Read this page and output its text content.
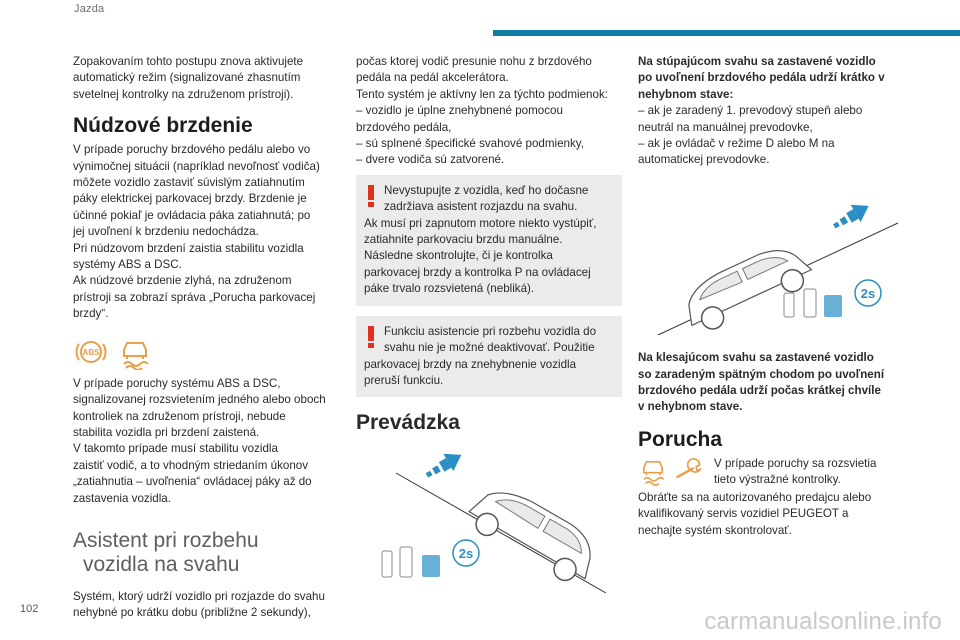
Jazda

Zopakovaním tohto postupu znova aktivujete
automatický režim (signalizované zhasnutím
svetelnej kontrolky na združenom prístroji).

Núdzové brzdenie

V prípade poruchy brzdového pedálu alebo vo
výnimočnej situácii (napríklad nevoľnosť vodiča)
môžete vozidlo zastaviť súvislým zatiahnutím
páky elektrickej parkovacej brzdy. Brzdenie je
účinné pokiaľ je ovládacia páka zatiahnutá; po
jej uvoľnení k brzdeniu nedochádza.
Pri núdzovom brzdení zaistia stabilitu vozidla
systémy ABS a DSC.
Ak núdzové brzdenie zlyhá, na združenom
prístroji sa zobrazí správa „Porucha parkovacej
brzdy“.

ABS

V prípade poruchy systému ABS a DSC,
signalizovanej rozsvietením jedného alebo oboch
kontroliek na združenom prístroji, nebude
stabilita vozidla pri brzdení zaistená.
V takomto prípade musí stabilitu vozidla
zaistiť vodič, a to vhodným striedaním úkonov
„zatiahnutia – uvoľnenia“ ovládacej páky až do
zastavenia vozidla.

Asistent pri rozbehu
vozidla na svahu

Systém, ktorý udrží vozidlo pri rozjazde do svahu
nehybné po krátku dobu (približne 2 sekundy),

počas ktorej vodič presunie nohu z brzdového
pedála na pedál akcelerátora.
Tento systém je aktívny len za týchto podmienok:
– vozidlo je úplne znehybnené pomocou
brzdového pedála,
– sú splnené špecifické svahové podmienky,
– dvere vodiča sú zatvorené.

Nevystupujte z vozidla, keď ho dočasne
zadržiava asistent rozjazdu na svahu.
Ak musí pri zapnutom motore niekto vystúpiť,
zatiahnite parkovaciu brzdu manuálne.
Následne skontrolujte, či je kontrolka
parkovacej brzdy a kontrolka P na ovládacej
páke trvalo rozsvietená (nebliká).
Funkciu asistencie pri rozbehu vozidla do
svahu nie je možné deaktivovať. Použitie
parkovacej brzdy na znehybnenie vozidla
preruší funkciu.
Prevádzka
2s

Na stúpajúcom svahu sa zastavené vozidlo
po uvoľnení brzdového pedála udrží krátko v
nehybnom stave:

– ak je zaradený 1. prevodový stupeň alebo
neutrál na manuálnej prevodovke,
– ak je ovládač v režime D alebo M na
automatickej prevodovke.

2s

Na klesajúcom svahu sa zastavené vozidlo
so zaradeným spätným chodom po uvoľnení
brzdového pedála udrží počas krátkej chvíle
v nehybnom stave.

Porucha

V prípade poruchy sa rozsvietia
tieto výstražné kontrolky.

Obráťte sa na autorizovaného predajcu alebo
kvalifikovaný servis vozidiel PEUGEOT a
nechajte systém skontrolovať.

102	carmanualsonline.info
